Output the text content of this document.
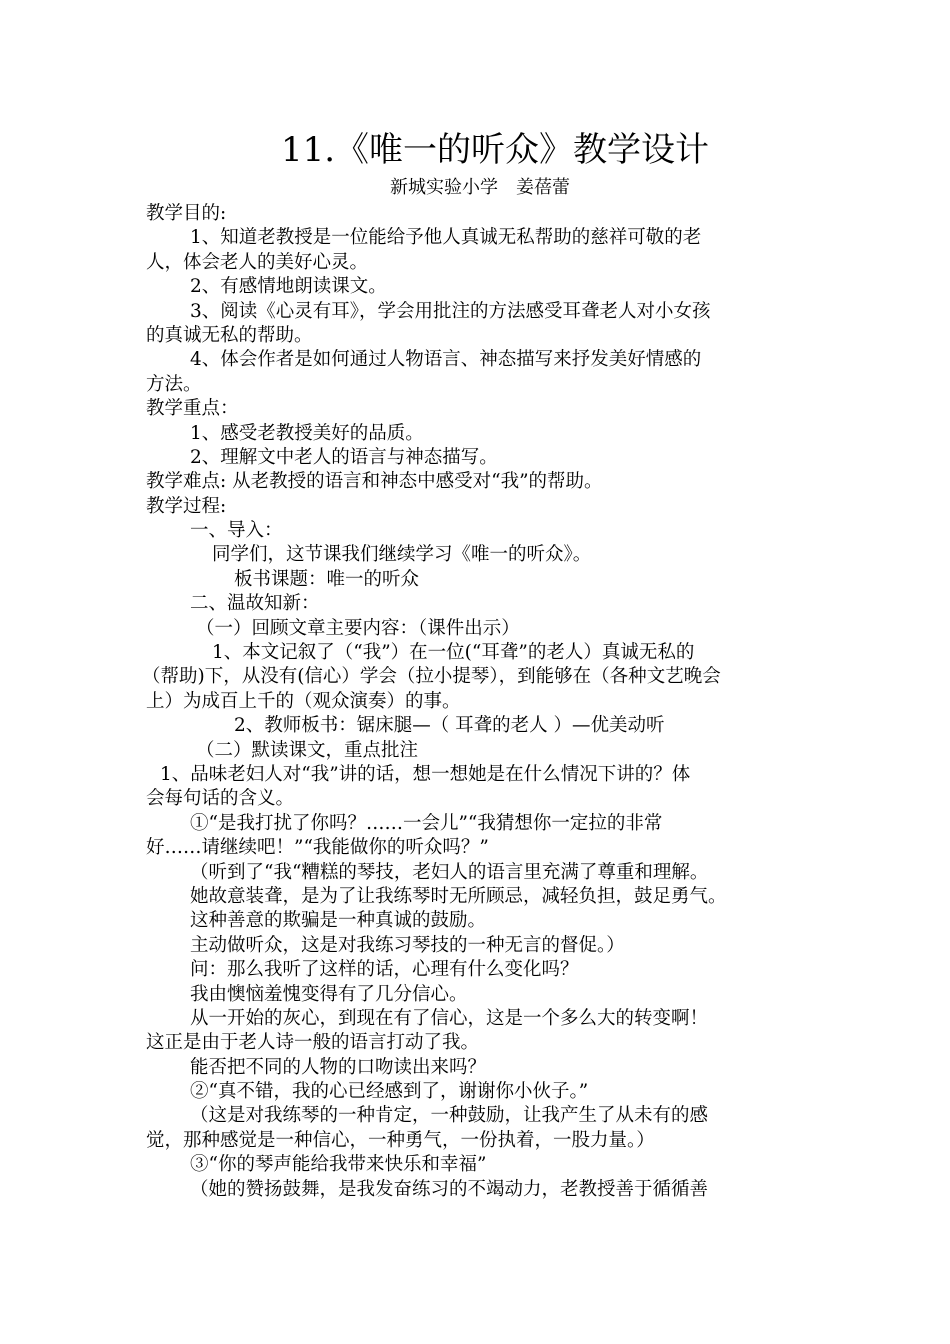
11.《唯一的听众》教学设计
新城实验小学　姜蓓蕾
教学目的:
1、知道老教授是一位能给予他人真诚无私帮助的慈祥可敬的老
人，体会老人的美好心灵。
2、有感情地朗读课文。
3、阅读《心灵有耳》，学会用批注的方法感受耳聋老人对小女孩
的真诚无私的帮助。
4、体会作者是如何通过人物语言、神态描写来抒发美好情感的
方法。
教学重点：
1、感受老教授美好的品质。
2、理解文中老人的语言与神态描写。
教学难点: 从老教授的语言和神态中感受对“我”的帮助。
教学过程:
一、导入：
同学们，这节课我们继续学习《唯一的听众》。
板书课题：唯一的听众
二、温故知新：
（一）回顾文章主要内容：（课件出示）
1、本文记叙了（“我”）在一位(“耳聋”的老人）真诚无私的
（帮助)下，从没有(信心）学会（拉小提琴），到能够在（各种文艺晚会
上）为成百上千的（观众演奏）的事。
2、教师板书：锯床腿—（ 耳聋的老人 ）—优美动听
（二）默读课文，重点批注
1、品味老妇人对“我”讲的话，想一想她是在什么情况下讲的？体
会每句话的含义。
①“是我打扰了你吗？……一会儿”“我猜想你一定拉的非常
好……请继续吧！”“我能做你的听众吗？”
（听到了“我“糟糕的琴技，老妇人的语言里充满了尊重和理解。
她故意装聋，是为了让我练琴时无所顾忌，减轻负担，鼓足勇气。
这种善意的欺骗是一种真诚的鼓励。
主动做听众，这是对我练习琴技的一种无言的督促。）
问：那么我听了这样的话，心理有什么变化吗？
我由懊恼羞愧变得有了几分信心。
从一开始的灰心，到现在有了信心，这是一个多么大的转变啊！
这正是由于老人诗一般的语言打动了我。
能否把不同的人物的口吻读出来吗？
②“真不错，我的心已经感到了，谢谢你小伙子。”
（这是对我练琴的一种肯定，一种鼓励，让我产生了从未有的感
觉，那种感觉是一种信心，一种勇气，一份执着，一股力量。）
③“你的琴声能给我带来快乐和幸福”
（她的赞扬鼓舞，是我发奋练习的不竭动力，老教授善于循循善
